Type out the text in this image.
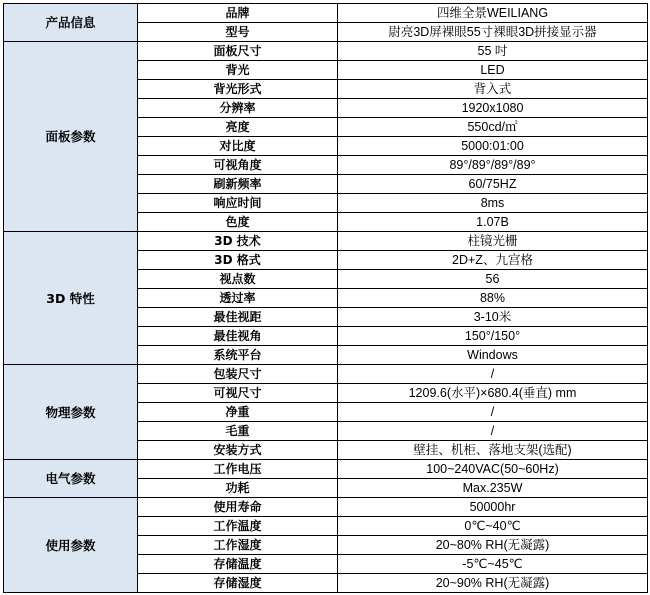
产品信息	品牌	四维全景WEILIANG
	型号	尉亮3D屏裸眼55寸裸眼3D拼接显示器
面板参数	面板尺寸	55 吋
	背光	LED
	背光形式	背入式
	分辨率	1920x1080
	亮度	550cd/㎡
	对比度	5000:01:00
	可视角度	89°/89°/89°/89°
	刷新频率	60/75HZ
	响应时间	8ms
	色度	1.07B
3D 特性	3D 技术	柱镜光栅
	3D 格式	2D+Z、九宫格
	视点数	56
	透过率	88%
	最佳视距	3-10米
	最佳视角	150°/150°
	系统平台	Windows
物理参数	包装尺寸	/
	可视尺寸	1209.6(水平)×680.4(垂直) mm
	净重	/
	毛重	/
	安装方式	壁挂、机柜、落地支架(选配)
电气参数	工作电压	100~240VAC(50~60Hz)
	功耗	Max.235W
使用参数	使用寿命	50000hr
	工作温度	0℃~40℃
	工作湿度	20~80% RH(无凝露)
	存储温度	-5℃~45℃
	存储湿度	20~90% RH(无凝露)
